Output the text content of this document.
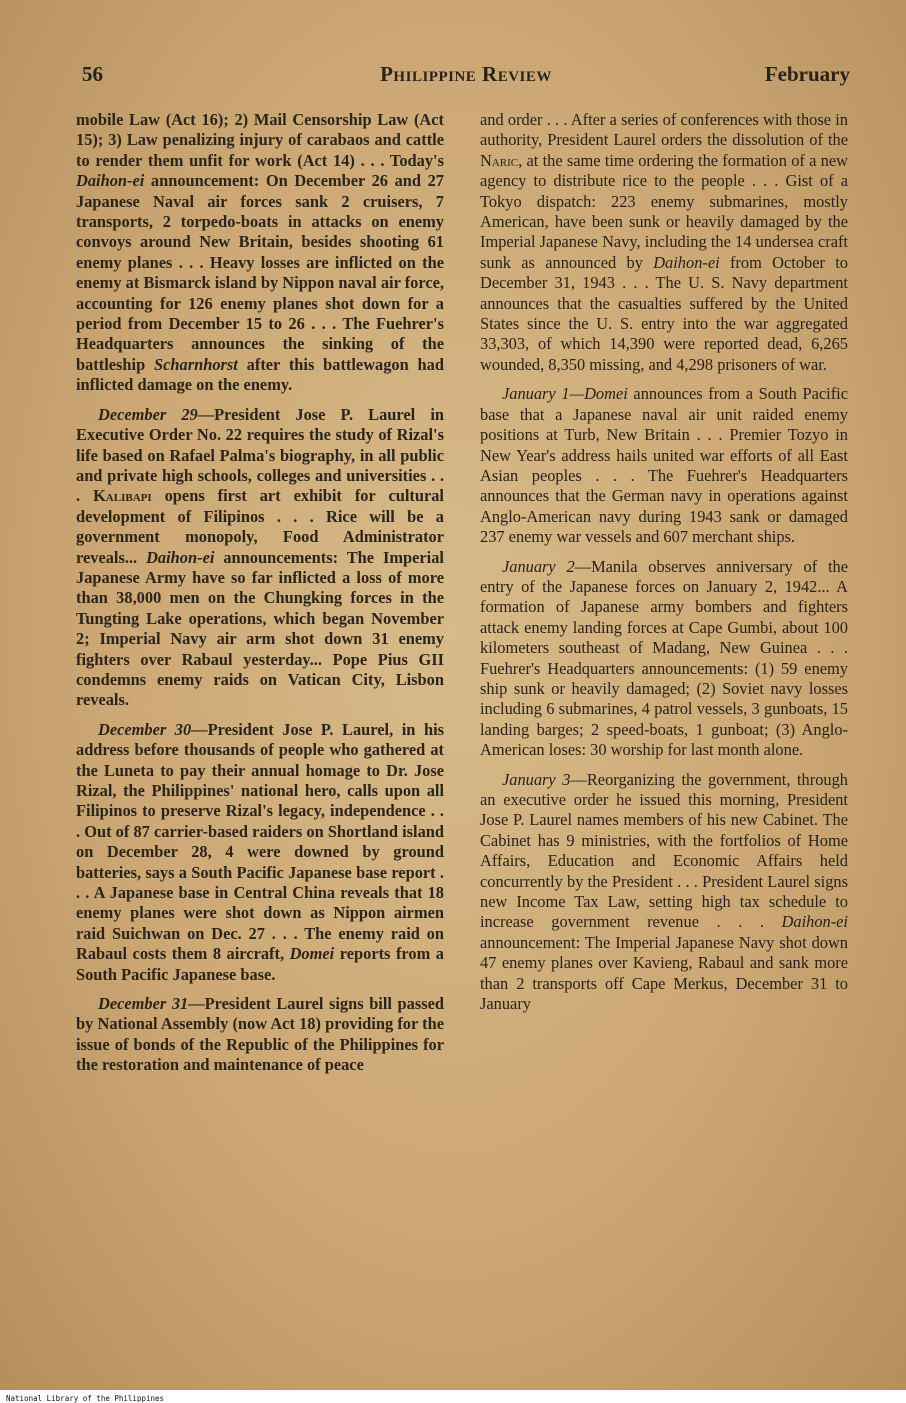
56	Philippine Review	February

mobile Law (Act 16); 2) Mail Censorship Law (Act 15); 3) Law penalizing injury of carabaos and cattle to render them unfit for work (Act 14) . . . Today's Daihon-ei announcement: On December 26 and 27 Japanese Naval air forces sank 2 cruisers, 7 transports, 2 torpedo-boats in attacks on enemy convoys around New Britain, besides shooting 61 enemy planes . . . Heavy losses are inflicted on the enemy at Bismarck island by Nippon naval air force, accounting for 126 enemy planes shot down for a period from December 15 to 26 . . . The Fuehrer's Headquarters announces the sinking of the battleship Scharnhorst after this battlewagon had inflicted damage on the enemy.

December 29—President Jose P. Laurel in Executive Order No. 22 requires the study of Rizal's life based on Rafael Palma's biography, in all public and private high schools, colleges and universities . . . Kalibapi opens first art exhibit for cultural development of Filipinos . . . Rice will be a government monopoly, Food Administrator reveals... Daihon-ei announcements: The Imperial Japanese Army have so far inflicted a loss of more than 38,000 men on the Chungking forces in the Tungting Lake operations, which began November 2; Imperial Navy air arm shot down 31 enemy fighters over Rabaul yesterday... Pope Pius GII condemns enemy raids on Vatican City, Lisbon reveals.

December 30—President Jose P. Laurel, in his address before thousands of people who gathered at the Luneta to pay their annual homage to Dr. Jose Rizal, the Philippines' national hero, calls upon all Filipinos to preserve Rizal's legacy, independence . . . Out of 87 carrier-based raiders on Shortland island on December 28, 4 were downed by ground batteries, says a South Pacific Japanese base report . . . A Japanese base in Central China reveals that 18 enemy planes were shot down as Nippon airmen raid Suichwan on Dec. 27 . . . The enemy raid on Rabaul costs them 8 aircraft, Domei reports from a South Pacific Japanese base.

December 31—President Laurel signs bill passed by National Assembly (now Act 18) providing for the issue of bonds of the Republic of the Philippines for the restoration and maintenance of peace

and order . . . After a series of conferences with those in authority, President Laurel orders the dissolution of the Naric, at the same time ordering the formation of a new agency to distribute rice to the people . . . Gist of a Tokyo dispatch: 223 enemy submarines, mostly American, have been sunk or heavily damaged by the Imperial Japanese Navy, including the 14 undersea craft sunk as announced by Daihon-ei from October to December 31, 1943 . . . The U. S. Navy department announces that the casualties suffered by the United States since the U. S. entry into the war aggregated 33,303, of which 14,390 were reported dead, 6,265 wounded, 8,350 missing, and 4,298 prisoners of war.

January 1—Domei announces from a South Pacific base that a Japanese naval air unit raided enemy positions at Turb, New Britain . . . Premier Tozyo in New Year's address hails united war efforts of all East Asian peoples . . . The Fuehrer's Headquarters announces that the German navy in operations against Anglo-American navy during 1943 sank or damaged 237 enemy war vessels and 607 merchant ships.

January 2—Manila observes anniversary of the entry of the Japanese forces on January 2, 1942... A formation of Japanese army bombers and fighters attack enemy landing forces at Cape Gumbi, about 100 kilometers southeast of Madang, New Guinea . . . Fuehrer's Headquarters announcements: (1) 59 enemy ship sunk or heavily damaged; (2) Soviet navy losses including 6 submarines, 4 patrol vessels, 3 gunboats, 15 landing barges; 2 speed-boats, 1 gunboat; (3) Anglo-American loses: 30 worship for last month alone.

January 3—Reorganizing the government, through an executive order he issued this morning, President Jose P. Laurel names members of his new Cabinet. The Cabinet has 9 ministries, with the fortfolios of Home Affairs, Education and Economic Affairs held concurrently by the President . . . President Laurel signs new Income Tax Law, setting high tax schedule to increase government revenue . . . Daihon-ei announcement: The Imperial Japanese Navy shot down 47 enemy planes over Kavieng, Rabaul and sank more than 2 transports off Cape Merkus, December 31 to January

National Library of the Philippines
